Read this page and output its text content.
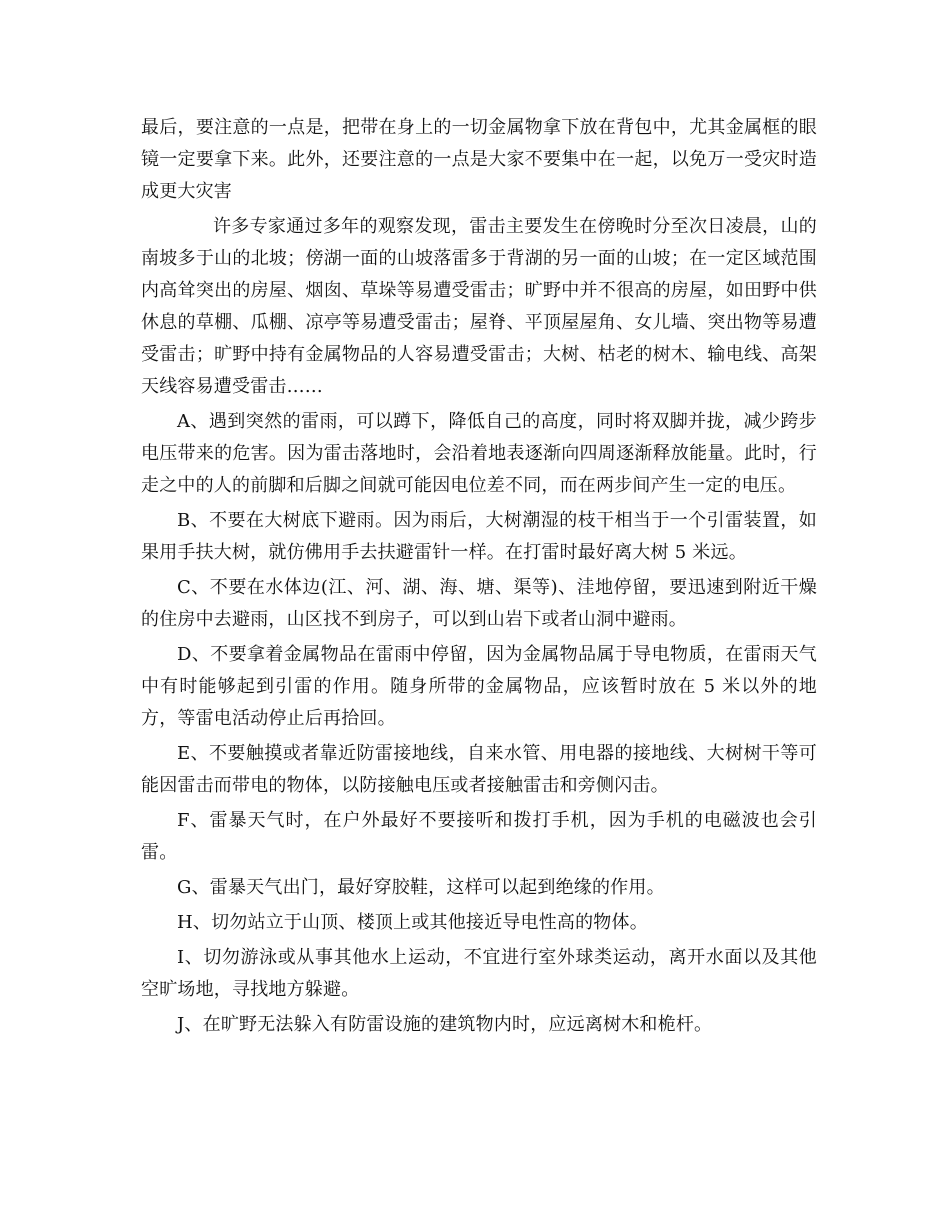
最后，要注意的一点是，把带在身上的一切金属物拿下放在背包中，尤其金属框的眼镜一定要拿下来。此外，还要注意的一点是大家不要集中在一起，以免万一受灾时造成更大灾害

许多专家通过多年的观察发现，雷击主要发生在傍晚时分至次日凌晨，山的南坡多于山的北坡；傍湖一面的山坡落雷多于背湖的另一面的山坡；在一定区域范围内高耸突出的房屋、烟囱、草垛等易遭受雷击；旷野中并不很高的房屋，如田野中供休息的草棚、瓜棚、凉亭等易遭受雷击；屋脊、平顶屋屋角、女儿墙、突出物等易遭受雷击；旷野中持有金属物品的人容易遭受雷击；大树、枯老的树木、输电线、高架天线容易遭受雷击……

A、遇到突然的雷雨，可以蹲下，降低自己的高度，同时将双脚并拢，减少跨步电压带来的危害。因为雷击落地时，会沿着地表逐渐向四周逐渐释放能量。此时，行走之中的人的前脚和后脚之间就可能因电位差不同，而在两步间产生一定的电压。

B、不要在大树底下避雨。因为雨后，大树潮湿的枝干相当于一个引雷装置，如果用手扶大树，就仿佛用手去扶避雷针一样。在打雷时最好离大树 5 米远。

C、不要在水体边(江、河、湖、海、塘、渠等)、洼地停留，要迅速到附近干燥的住房中去避雨，山区找不到房子，可以到山岩下或者山洞中避雨。

D、不要拿着金属物品在雷雨中停留，因为金属物品属于导电物质，在雷雨天气中有时能够起到引雷的作用。随身所带的金属物品，应该暂时放在 5 米以外的地方，等雷电活动停止后再拾回。

E、不要触摸或者靠近防雷接地线，自来水管、用电器的接地线、大树树干等可能因雷击而带电的物体，以防接触电压或者接触雷击和旁侧闪击。

F、雷暴天气时，在户外最好不要接听和拨打手机，因为手机的电磁波也会引雷。

G、雷暴天气出门，最好穿胶鞋，这样可以起到绝缘的作用。

H、切勿站立于山顶、楼顶上或其他接近导电性高的物体。

I、切勿游泳或从事其他水上运动，不宜进行室外球类运动，离开水面以及其他空旷场地，寻找地方躲避。

J、在旷野无法躲入有防雷设施的建筑物内时，应远离树木和桅杆。
